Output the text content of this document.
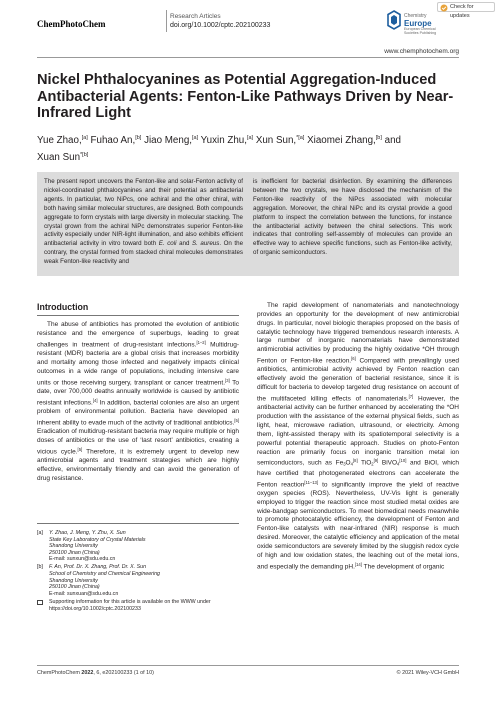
ChemPhotoChem
Research Articles
doi.org/10.1002/cptc.202100233
Chemistry
Europe
European Chemical
Societies Publishing
Check for updates
www.chemphotochem.org
Nickel Phthalocyanines as Potential Aggregation-Induced Antibacterial Agents: Fenton-Like Pathways Driven by Near-Infrared Light
Yue Zhao,[a] Fuhao An,[b] Jiao Meng,[a] Yuxin Zhu,[a] Xun Sun,$^{*[a]}$ Xiaomei Zhang,[b] and
Xuan Sun$^{*[b]}$
The present report uncovers the Fenton-like and solar-Fenton activity of nickel-coordinated phthalocyanines and their potential as antibacterial agents. In particular, two NiPcs, one achiral and the other chiral, with both having similar molecular structures, are designed. Both compounds aggregate to form crystals with large diversity in molecular stacking. The crystal grown from the achiral NiPc demonstrates superior Fenton-like activity especially under NIR-light illumination, and also exhibits efficient antibacterial activity in vitro toward both E. coli and S. aureus. On the contrary, the crystal formed from stacked chiral molecules demonstrates weak Fenton-like reactivity and
is inefficient for bacterial disinfection. By examining the differences between the two crystals, we have disclosed the mechanism of the Fenton-like reactivity of the NiPcs associated with molecular aggregation. Moreover, the chiral NiPc and its crystal provide a good platform to inspect the correlation between the functions, for instance the antibacterial activity between the chiral selections. This work indicates that controlling self-assembly of molecules can provide an effective way to achieve specific functions, such as Fenton-like activity, of organic semiconductors.
Introduction

The abuse of antibiotics has promoted the evolution of antibiotic resistance and the emergence of superbugs, leading to great challenges in treatment of drug-resistant infections.[1–2] Multidrug-resistant (MDR) bacteria are a global crisis that increases morbidity and mortality among those infected and negatively impacts clinical outcomes in a wide range of populations, including intensive care units or those receiving surgery, transplant or cancer treatment.[3] To date, over 700,000 deaths annually worldwide is caused by antibiotic resistant infections.[4] In addition, bacterial colonies are also an urgent problem of environmental pollution. Bacteria have developed an inherent ability to evade much of the activity of traditional antibiotics.[5] Eradication of multidrug-resistant bacteria may require multiple or high doses of antibiotics or the use of ‘last resort’ antibiotics, creating a vicious cycle.[5] Therefore, it is extremely urgent to develop new antimicrobial agents and treatment strategies which are highly effective, environmentally friendly and can avoid the generation of drug resistance.

[a] Y. Zhao, J. Meng, Y. Zhu, X. Sun
State Key Laboratory of Crystal Materials
Shandong University
250100 Jinan (China)
E-mail: sunxun@sdu.edu.cn
[b] F. An, Prof. Dr. X. Zhang, Prof. Dr. X. Sun
School of Chemistry and Chemical Engineering
Shandong University
250100 Jinan (China)
E-mail: sunxuan@sdu.edu.cn
Supporting information for this article is available on the WWW under https://doi.org/10.1002/cptc.202100233

The rapid development of nanomaterials and nanotechnology provides an opportunity for the development of new antimicrobial drugs. In particular, novel biologic therapies proposed on the basis of catalytic technology have triggered tremendous research interests. A large number of inorganic nanomaterials have demonstrated antimicrobial activities by producing the highly oxidative *OH through Fenton or Fenton-like reaction.[6] Compared with prevailingly used antibiotics, antimicrobial activity achieved by Fenton reaction can effectively avoid the generation of bacterial resistance, since it is difficult for bacteria to develop targeted drug resistance on account of the multifaceted killing effects of nanomaterials.[7] However, the antibacterial activity can be further enhanced by accelerating the *OH production with the assistance of the external physical fields, such as light, heat, microwave radiation, ultrasound, or electricity. Among them, light-assisted therapy with its spatiotemporal selectivity is a powerful potential therapeutic approach. Studies on photo-Fenton reaction are primarily focus on inorganic transition metal ion semiconductors, such as $Fe_3O_4[8]$ TiO$_2$[9] BiVO$_4$[10] and BiOI, which have certified that photogenerated electrons can accelerate the Fenton reaction[11–13] to significantly improve the yield of reactive oxygen species (ROS). Nevertheless, UV-Vis light is generally employed to trigger the reaction since most studied metal oxides are wide-bandgap semiconductors. To meet biomedical needs meanwhile to promote photocatalytic efficiency, the development of Fenton and Fenton-like catalysts with near-infrared (NIR) response is much desired. Moreover, the catalytic efficiency and application of the metal oxide semiconductors are severely limited by the sluggish redox cycle of high and low oxidation states, the leaching out of the metal ions, and especially the demanding pH.[14] The development of organic

ChemPhotoChem 2022, 6, e202100233 (1 of 10)	© 2021 Wiley-VCH GmbH
